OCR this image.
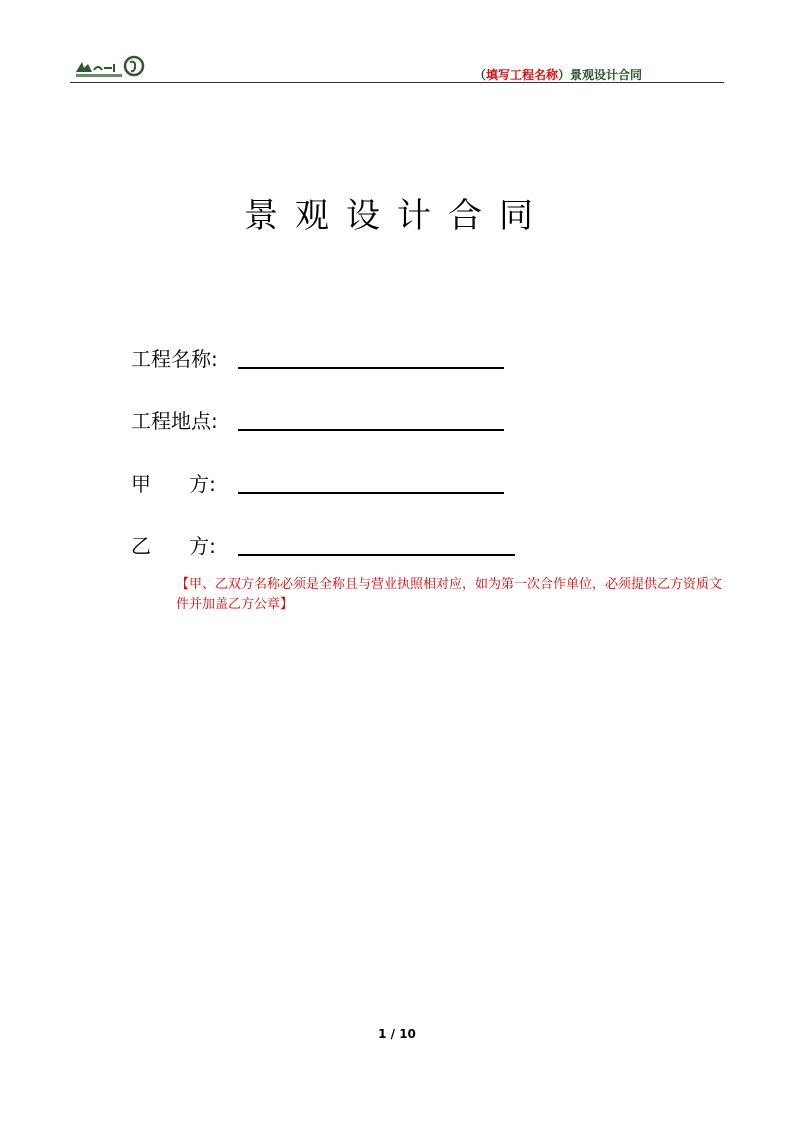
（填写工程名称）景观设计合同
景观设计合同
工程名称:
工程地点:
甲      方:
乙      方:
【甲、乙双方名称必须是全称且与营业执照相对应，如为第一次合作单位，必须提供乙方资质文件并加盖乙方公章】
1 / 10
